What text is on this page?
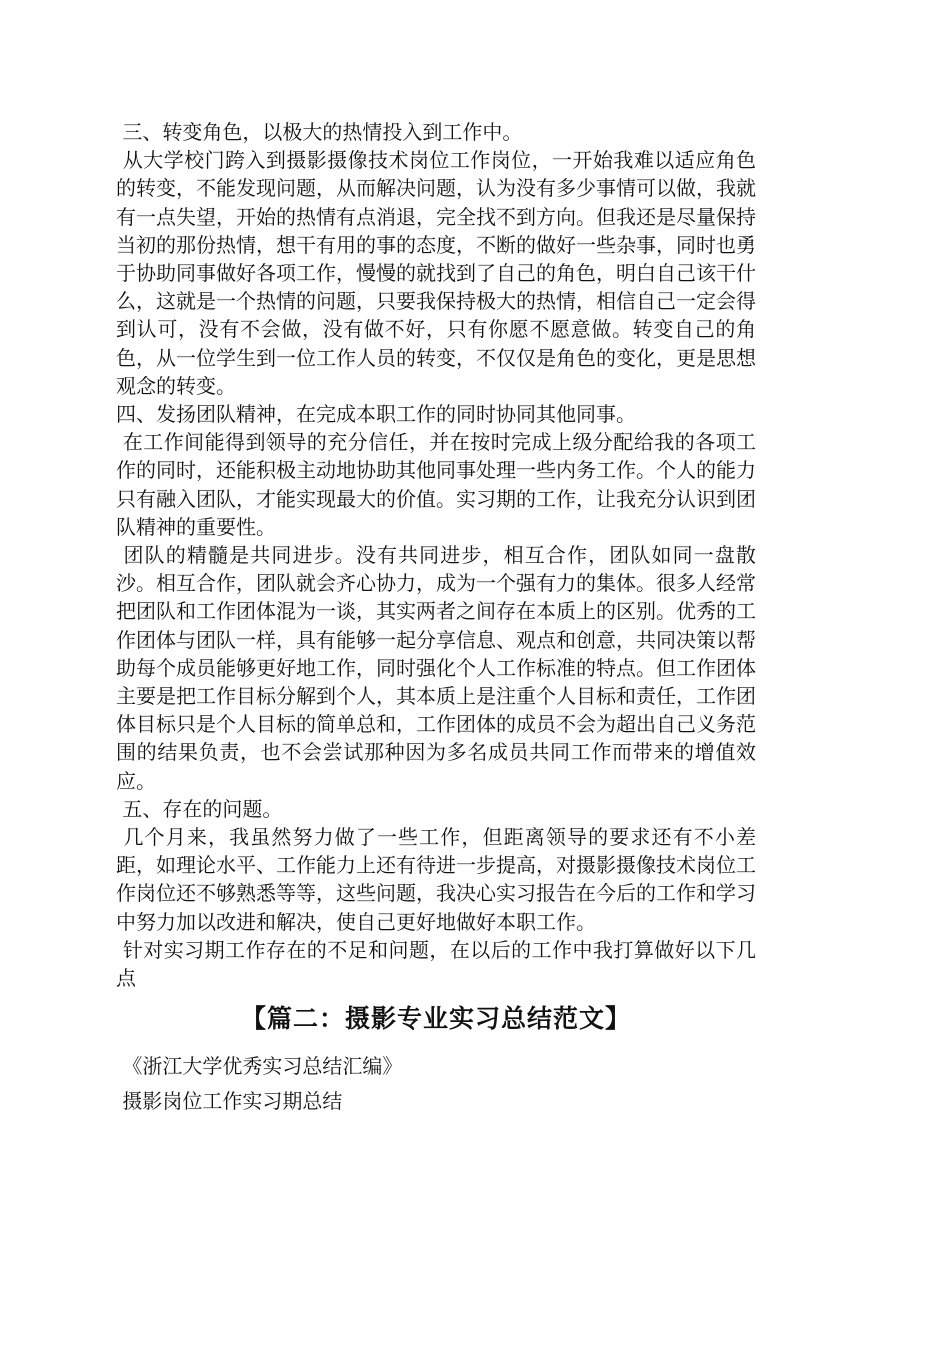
三、转变角色，以极大的热情投入到工作中。

从大学校门跨入到摄影摄像技术岗位工作岗位，一开始我难以适应角色的转变，不能发现问题，从而解决问题，认为没有多少事情可以做，我就有一点失望，开始的热情有点消退，完全找不到方向。但我还是尽量保持当初的那份热情，想干有用的事的态度，不断的做好一些杂事，同时也勇于协助同事做好各项工作，慢慢的就找到了自己的角色，明白自己该干什么，这就是一个热情的问题，只要我保持极大的热情，相信自己一定会得到认可，没有不会做，没有做不好，只有你愿不愿意做。转变自己的角色，从一位学生到一位工作人员的转变，不仅仅是角色的变化，更是思想观念的转变。

四、发扬团队精神，在完成本职工作的同时协同其他同事。

在工作间能得到领导的充分信任，并在按时完成上级分配给我的各项工作的同时，还能积极主动地协助其他同事处理一些内务工作。个人的能力只有融入团队，才能实现最大的价值。实习期的工作，让我充分认识到团队精神的重要性。

团队的精髓是共同进步。没有共同进步，相互合作，团队如同一盘散沙。相互合作，团队就会齐心协力，成为一个强有力的集体。很多人经常把团队和工作团体混为一谈，其实两者之间存在本质上的区别。优秀的工作团体与团队一样，具有能够一起分享信息、观点和创意，共同决策以帮助每个成员能够更好地工作，同时强化个人工作标准的特点。但工作团体主要是把工作目标分解到个人，其本质上是注重个人目标和责任，工作团体目标只是个人目标的简单总和，工作团体的成员不会为超出自己义务范围的结果负责，也不会尝试那种因为多名成员共同工作而带来的增值效应。

五、存在的问题。

几个月来，我虽然努力做了一些工作，但距离领导的要求还有不小差距，如理论水平、工作能力上还有待进一步提高，对摄影摄像技术岗位工作岗位还不够熟悉等等，这些问题，我决心实习报告在今后的工作和学习中努力加以改进和解决，使自己更好地做好本职工作。

针对实习期工作存在的不足和问题，在以后的工作中我打算做好以下几点

【篇二：摄影专业实习总结范文】

《浙江大学优秀实习总结汇编》

摄影岗位工作实习期总结
